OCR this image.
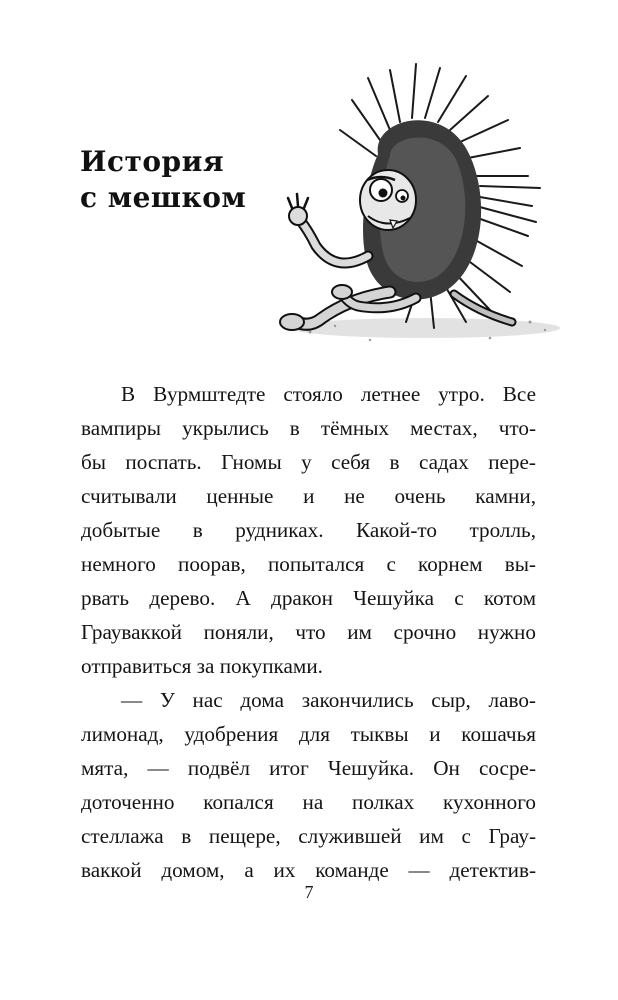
История
с мешком
В Вурмштедте стояло летнее утро. Все
вампиры укрылись в тёмных местах, что-
бы поспать. Гномы у себя в садах пере-
считывали ценные и не очень камни,
добытые в рудниках. Какой-то тролль,
немного поорав, попытался с корнем вы-
рвать дерево. А дракон Чешуйка с котом
Грауваккой поняли, что им срочно нужно
отправиться за покупками.
— У нас дома закончились сыр, лаво-
лимонад, удобрения для тыквы и кошачья
мята, — подвёл итог Чешуйка. Он сосре-
доточенно копался на полках кухонного
стеллажа в пещере, служившей им с Грау-
ваккой домом, а их команде — детектив-
7
